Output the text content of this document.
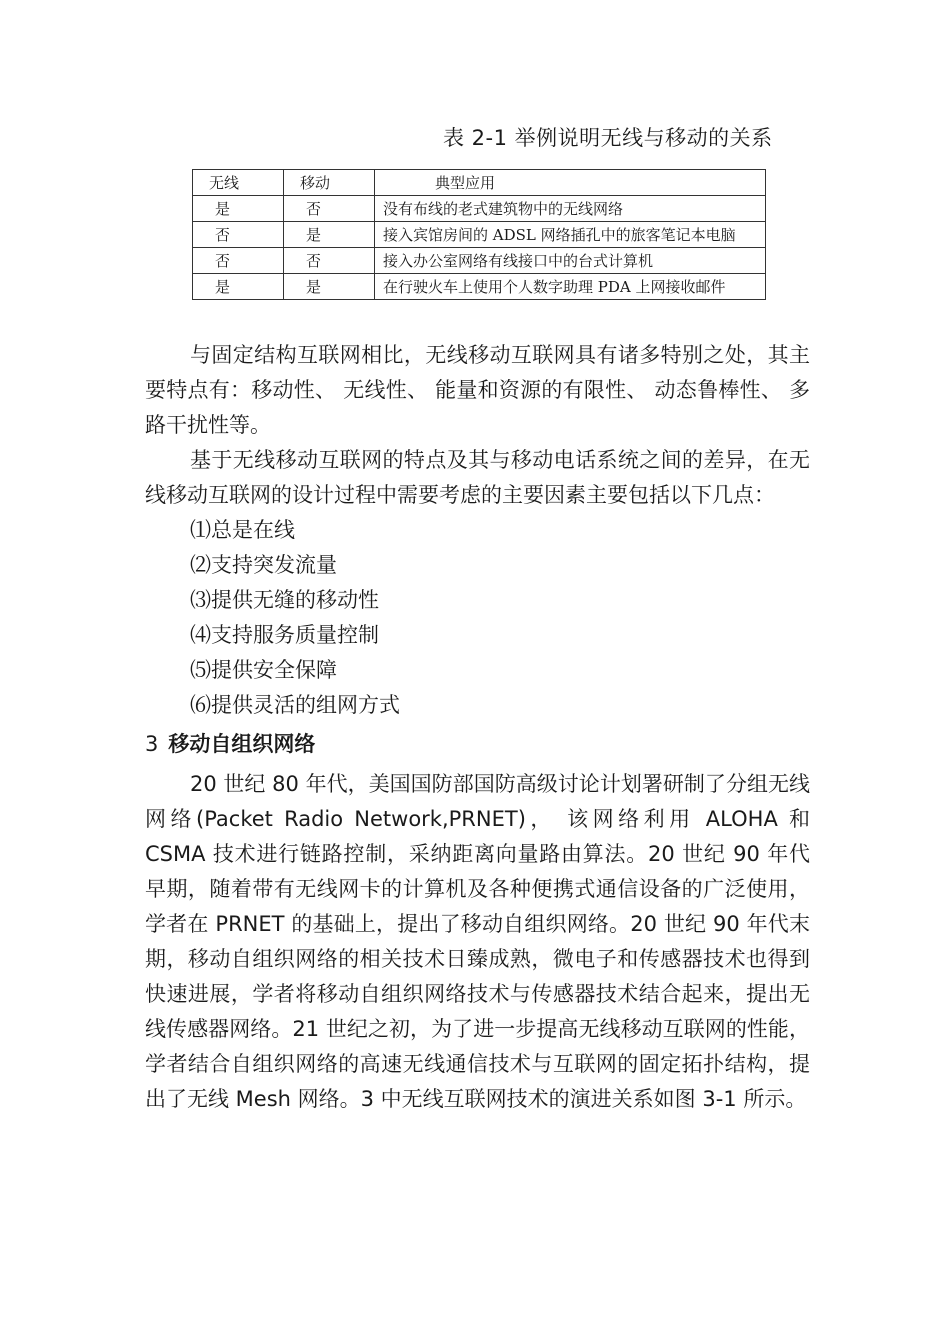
表 2-1 举例说明无线与移动的关系
无线	移动	典型应用
是	否	没有布线的老式建筑物中的无线网络
否	是	接入宾馆房间的 ADSL 网络插孔中的旅客笔记本电脑
否	否	接入办公室网络有线接口中的台式计算机
是	是	在行驶火车上使用个人数字助理 PDA 上网接收邮件

与固定结构互联网相比，无线移动互联网具有诸多特别之处，其主要特点有：移动性、 无线性、 能量和资源的有限性、 动态鲁棒性、 多路干扰性等。

基于无线移动互联网的特点及其与移动电话系统之间的差异，在无线移动互联网的设计过程中需要考虑的主要因素主要包括以下几点：

⑴总是在线
⑵支持突发流量
⑶提供无缝的移动性
⑷支持服务质量控制
⑸提供安全保障
⑹提供灵活的组网方式
3 移动自组织网络

20 世纪 80 年代，美国国防部国防高级讨论计划署研制了分组无线网络(Packet Radio Network,PRNET)， 该网络利用 ALOHA 和 CSMA 技术进行链路控制，采纳距离向量路由算法。20 世纪 90 年代早期，随着带有无线网卡的计算机及各种便携式通信设备的广泛使用，学者在 PRNET 的基础上，提出了移动自组织网络。20 世纪 90 年代末期，移动自组织网络的相关技术日臻成熟，微电子和传感器技术也得到快速进展，学者将移动自组织网络技术与传感器技术结合起来，提出无线传感器网络。21 世纪之初，为了进一步提高无线移动互联网的性能，学者结合自组织网络的高速无线通信技术与互联网的固定拓扑结构，提出了无线 Mesh 网络。3 中无线互联网技术的演进关系如图 3-1 所示。
